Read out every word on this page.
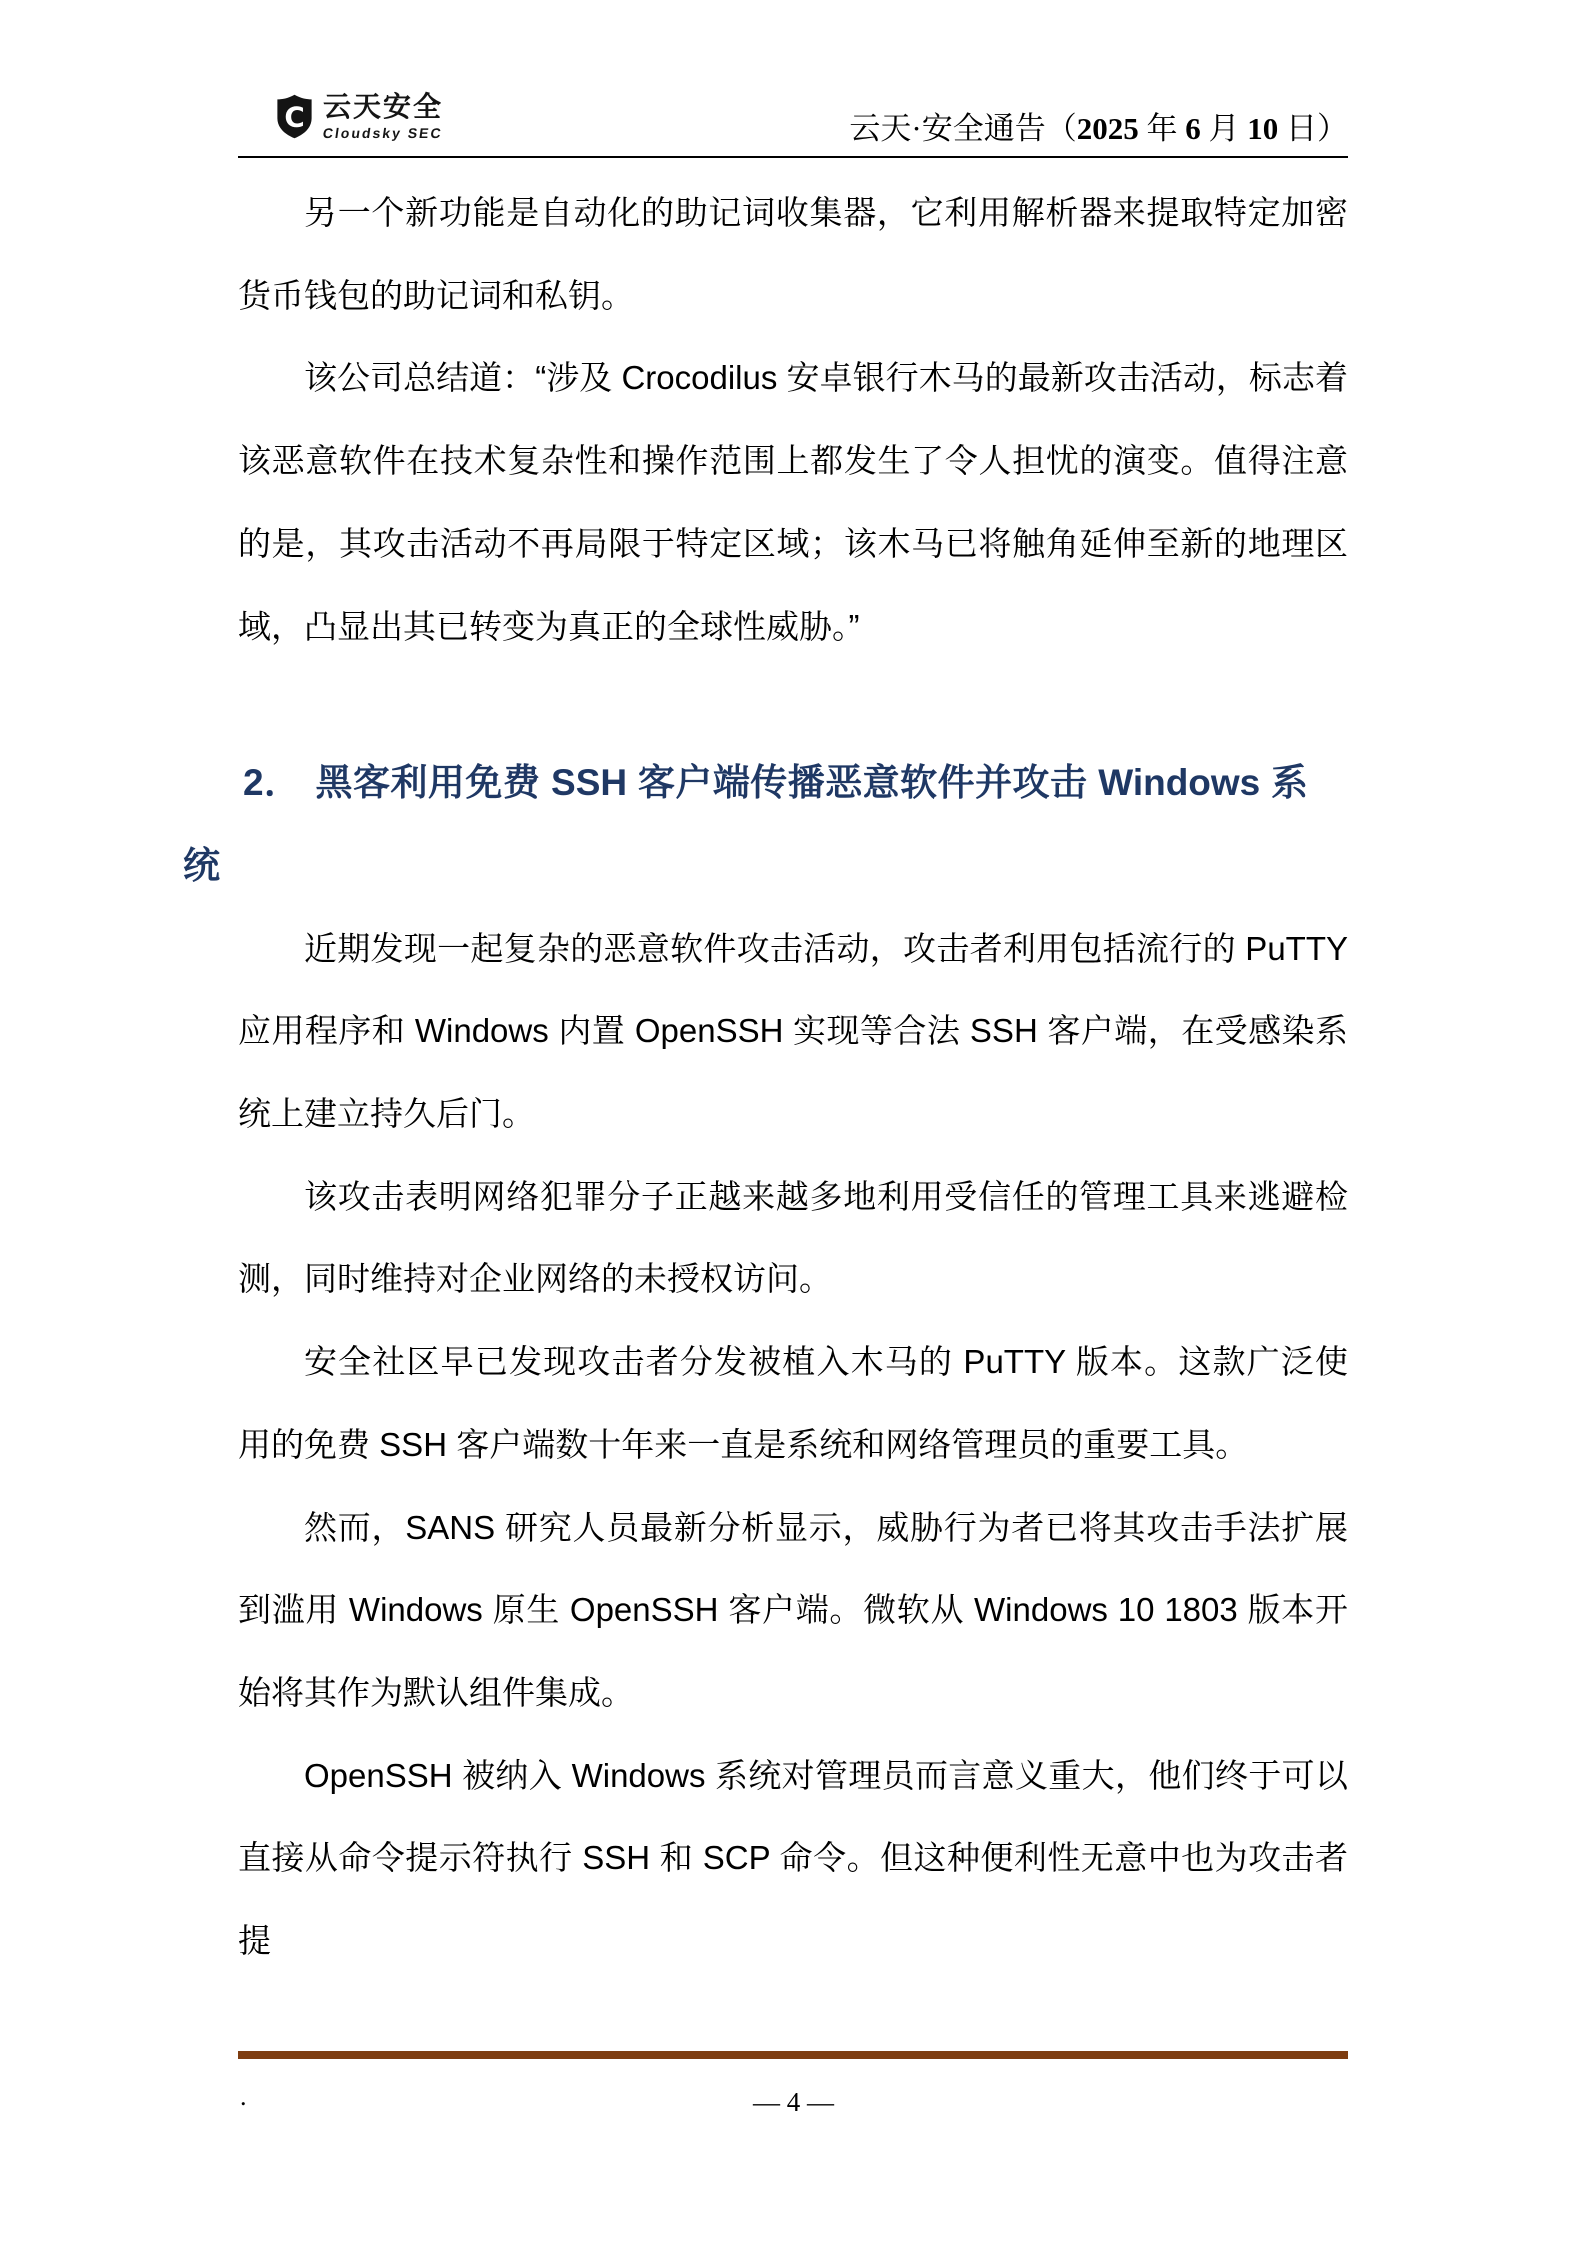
C 云天安全
Cloudsky SEC	云天·安全通告（2025 年 6 月 10 日）

另一个新功能是自动化的助记词收集器，它利用解析器来提取特定加密货币钱包的助记词和私钥。

该公司总结道：“涉及 Crocodilus 安卓银行木马的最新攻击活动，标志着该恶意软件在技术复杂性和操作范围上都发生了令人担忧的演变。值得注意的是，其攻击活动不再局限于特定区域；该木马已将触角延伸至新的地理区域，凸显出其已转变为真正的全球性威胁。”

2． 黑客利用免费 SSH 客户端传播恶意软件并攻击 Windows 系统

近期发现一起复杂的恶意软件攻击活动，攻击者利用包括流行的 PuTTY 应用程序和 Windows 内置 OpenSSH 实现等合法 SSH 客户端，在受感染系统上建立持久后门。

该攻击表明网络犯罪分子正越来越多地利用受信任的管理工具来逃避检测，同时维持对企业网络的未授权访问。

安全社区早已发现攻击者分发被植入木马的 PuTTY 版本。这款广泛使用的免费 SSH 客户端数十年来一直是系统和网络管理员的重要工具。

然而，SANS 研究人员最新分析显示，威胁行为者已将其攻击手法扩展到滥用 Windows 原生 OpenSSH 客户端。微软从 Windows 10 1803 版本开始将其作为默认组件集成。

OpenSSH 被纳入 Windows 系统对管理员而言意义重大，他们终于可以直接从命令提示符执行 SSH 和 SCP 命令。但这种便利性无意中也为攻击者提

.	— 4 —
